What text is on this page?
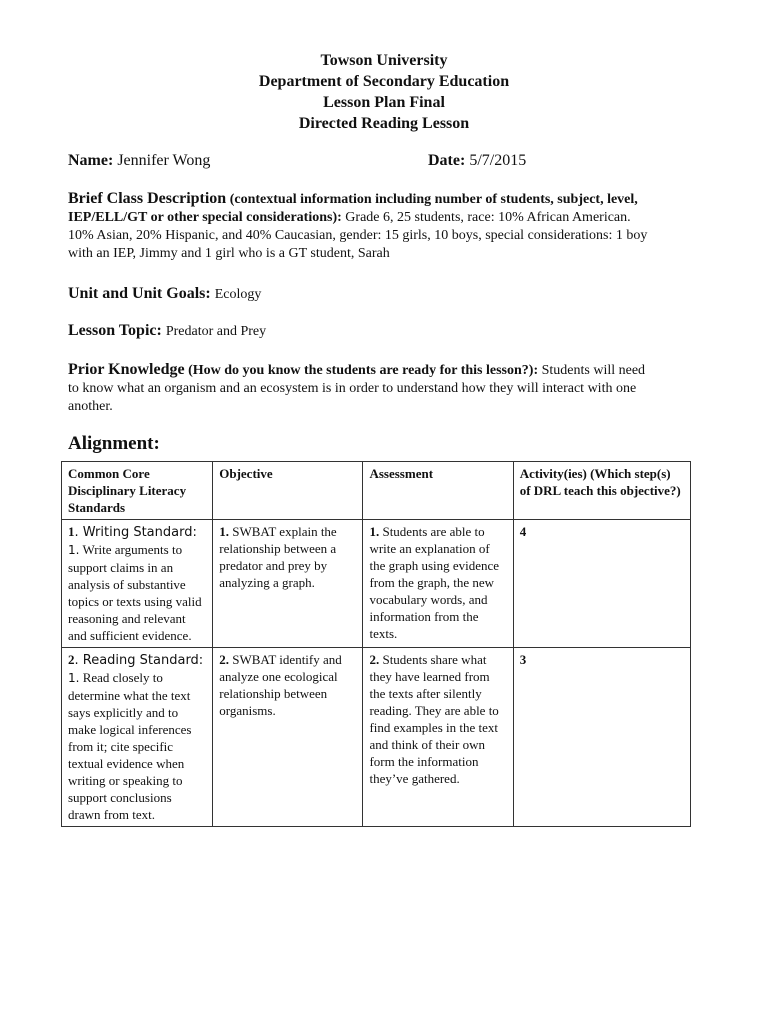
Towson University
Department of Secondary Education
Lesson Plan Final
Directed Reading Lesson
Name: Jennifer Wong	Date: 5/7/2015
Brief Class Description (contextual information including number of students, subject, level, IEP/ELL/GT or other special considerations): Grade 6, 25 students, race: 10% African American. 10% Asian, 20% Hispanic, and 40% Caucasian, gender: 15 girls, 10 boys, special considerations: 1 boy with an IEP, Jimmy and 1 girl who is a GT student, Sarah
Unit and Unit Goals: Ecology
Lesson Topic: Predator and Prey
Prior Knowledge (How do you know the students are ready for this lesson?): Students will need to know what an organism and an ecosystem is in order to understand how they will interact with one another.
Alignment:
Common Core Disciplinary Literacy Standards	Objective	Assessment	Activity(ies) (Which step(s) of DRL teach this objective?)
1. Writing Standard: 1. Write arguments to support claims in an analysis of substantive topics or texts using valid reasoning and relevant and sufficient evidence.	1. SWBAT explain the relationship between a predator and prey by analyzing a graph.	1. Students are able to write an explanation of the graph using evidence from the graph, the new vocabulary words, and information from the texts.	4
2. Reading Standard: 1. Read closely to determine what the text says explicitly and to make logical inferences from it; cite specific textual evidence when writing or speaking to support conclusions drawn from text.	2. SWBAT identify and analyze one ecological relationship between organisms.	2. Students share what they have learned from the texts after silently reading. They are able to find examples in the text and think of their own form the information they’ve gathered.	3
